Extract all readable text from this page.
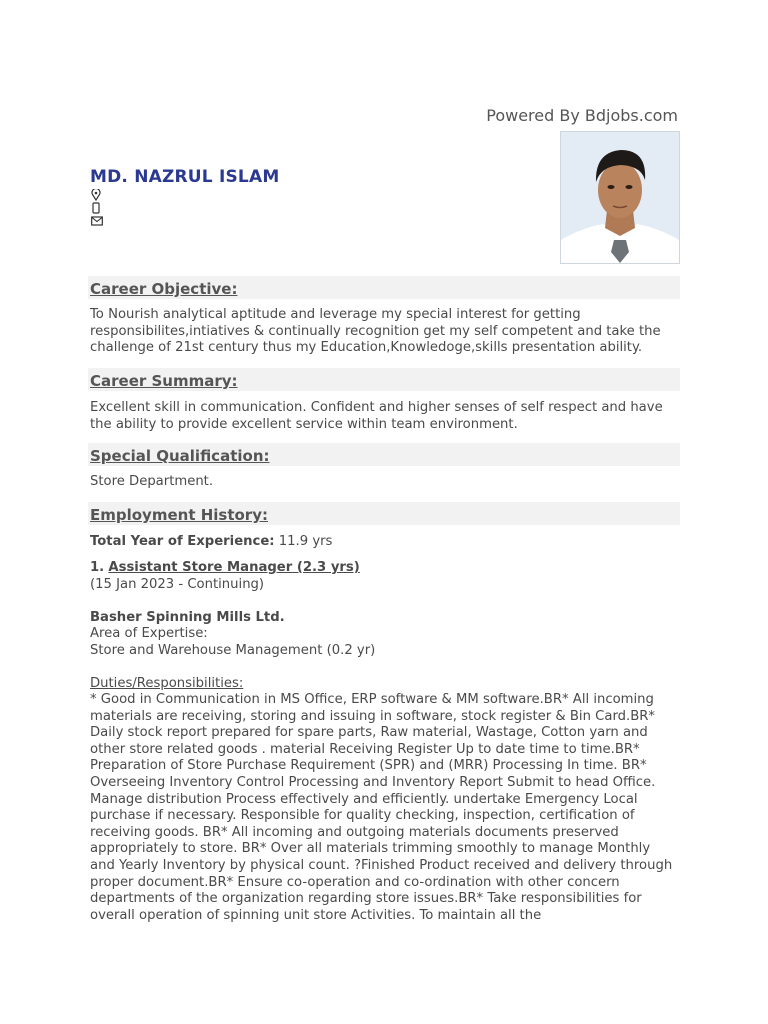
Powered By Bdjobs.com
MD. NAZRUL ISLAM
Career Objective:
To Nourish analytical aptitude and leverage my special interest for getting responsibilites,intiatives & continually recognition get my self competent and take the challenge of 21st century thus my Education,Knowledoge,skills presentation ability.
Career Summary:
Excellent skill in communication. Confident and higher senses of self respect and have the ability to provide excellent service within team environment.
Special Qualification:
Store Department.
Employment History:
Total Year of Experience: 11.9 yrs
1. Assistant Store Manager (2.3 yrs)
(15 Jan 2023 - Continuing)
Basher Spinning Mills Ltd.
Area of Expertise:
Store and Warehouse Management (0.2 yr)
Duties/Responsibilities:
* Good in Communication in MS Office, ERP software & MM software.BR* All incoming materials are receiving, storing and issuing in software, stock register & Bin Card.BR* Daily stock report prepared for spare parts, Raw material, Wastage, Cotton yarn and other store related goods . material Receiving Register Up to date time to time.BR* Preparation of Store Purchase Requirement (SPR) and (MRR) Processing In time. BR* Overseeing Inventory Control Processing and Inventory Report Submit to head Office. Manage distribution Process effectively and efficiently. undertake Emergency Local purchase if necessary. Responsible for quality checking, inspection, certification of receiving goods. BR* All incoming and outgoing materials documents preserved appropriately to store. BR* Over all materials trimming smoothly to manage Monthly and Yearly Inventory by physical count. ?Finished Product received and delivery through proper document.BR* Ensure co-operation and co-ordination with other concern departments of the organization regarding store issues.BR* Take responsibilities for overall operation of spinning unit store Activities. To maintain all the
